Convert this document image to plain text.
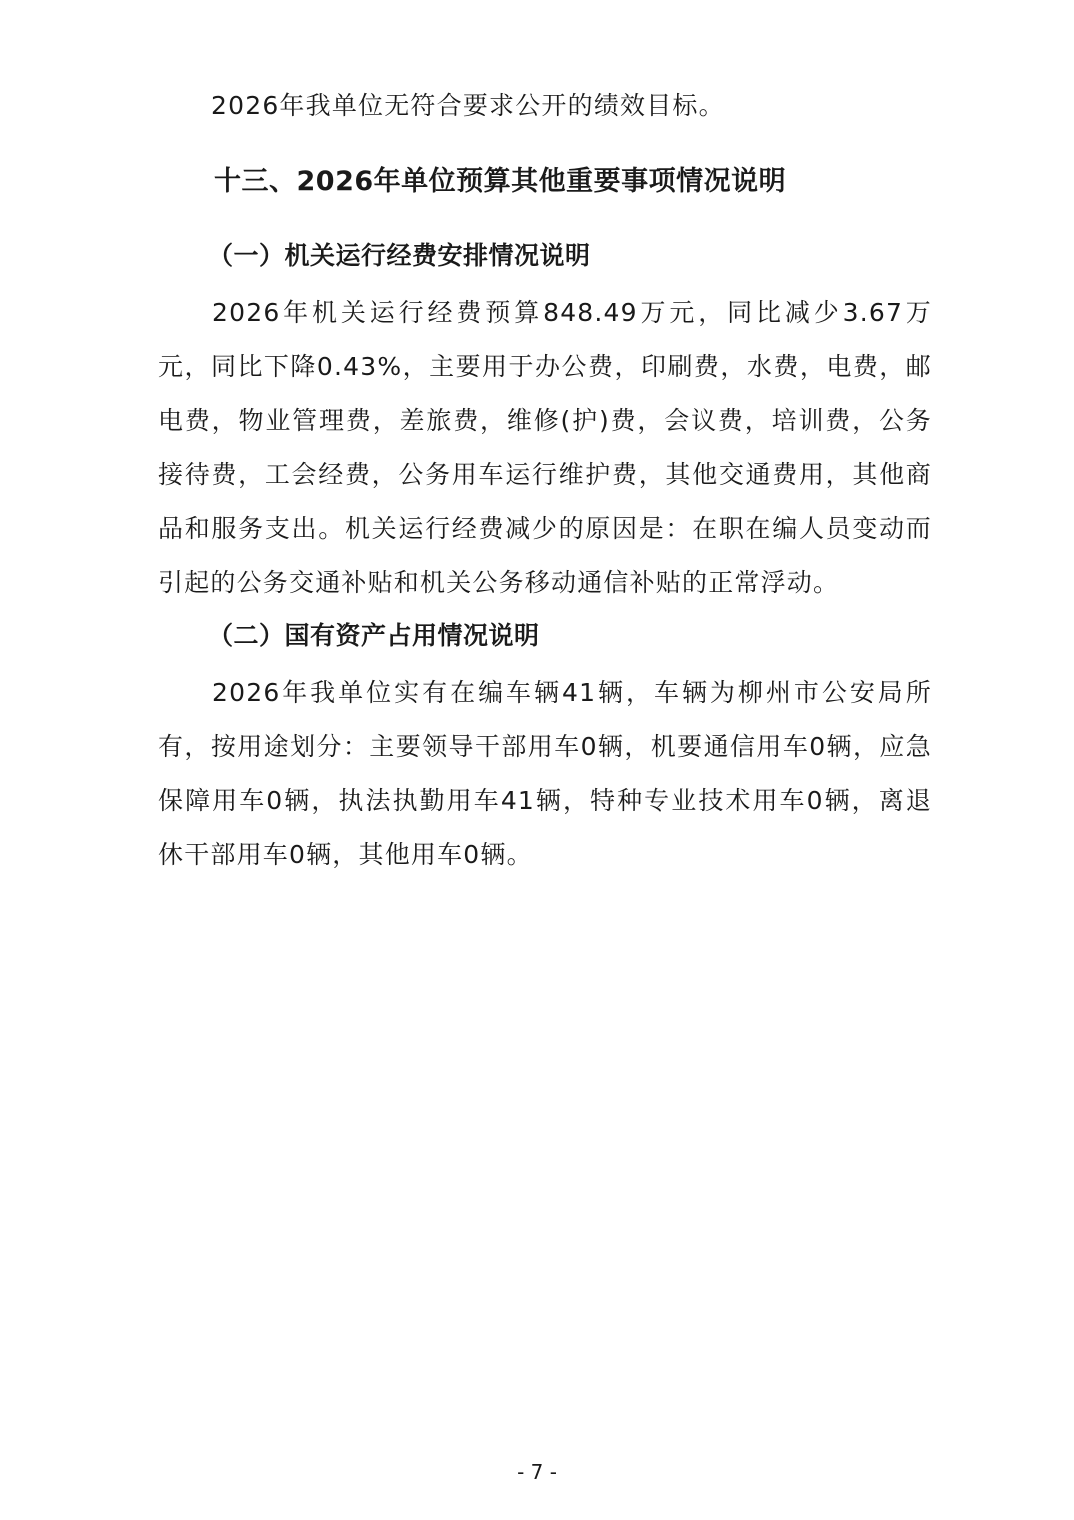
2026年我单位无符合要求公开的绩效目标。

十三、2026年单位预算其他重要事项情况说明
（一）机关运行经费安排情况说明

2026年机关运行经费预算848.49万元，同比减少3.67万元，同比下降0.43%，主要用于办公费，印刷费，水费，电费，邮电费，物业管理费，差旅费，维修(护)费，会议费，培训费，公务接待费，工会经费，公务用车运行维护费，其他交通费用，其他商品和服务支出。机关运行经费减少的原因是：在职在编人员变动而引起的公务交通补贴和机关公务移动通信补贴的正常浮动。

（二）国有资产占用情况说明

2026年我单位实有在编车辆41辆，车辆为柳州市公安局所有，按用途划分：主要领导干部用车0辆，机要通信用车0辆，应急保障用车0辆，执法执勤用车41辆，特种专业技术用车0辆，离退休干部用车0辆，其他用车0辆。

- 7 -
